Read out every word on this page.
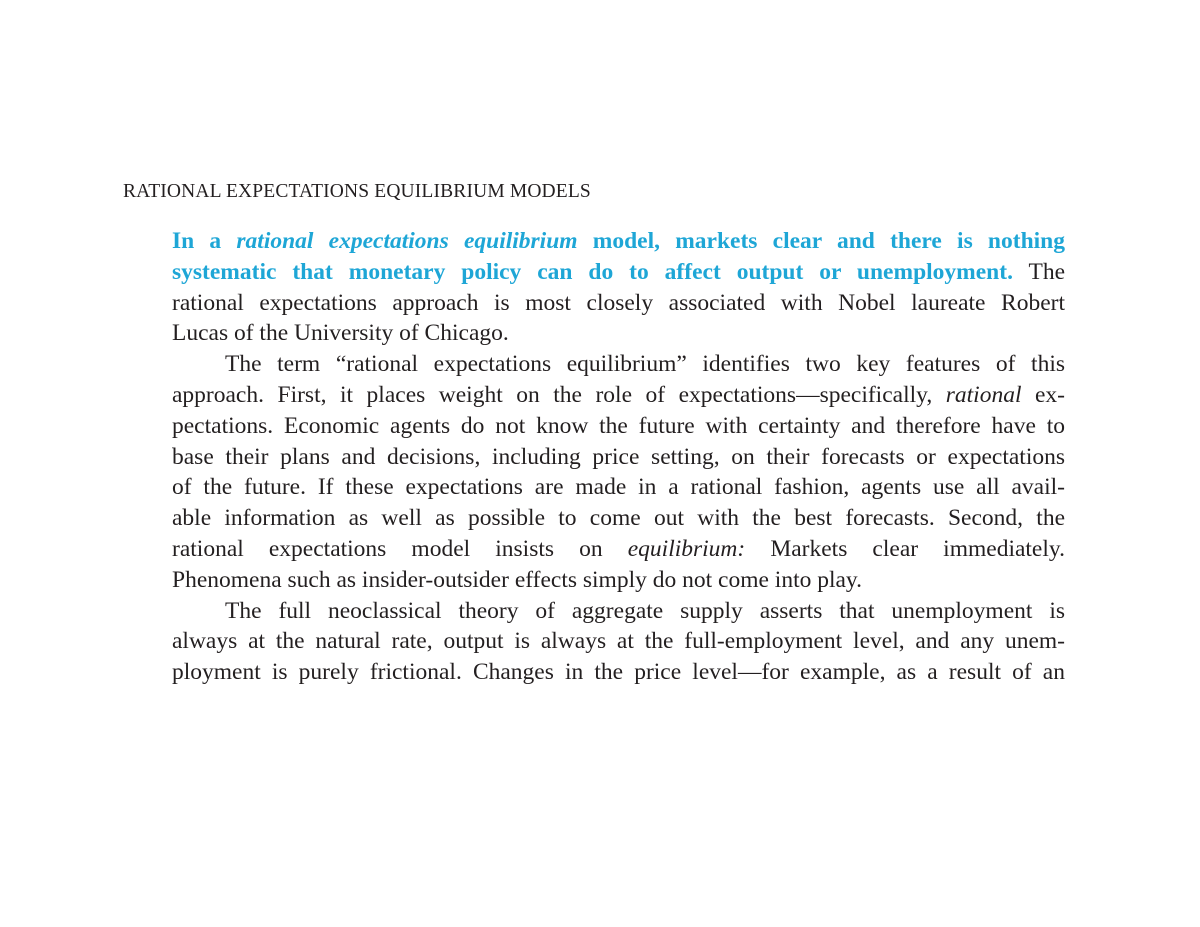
RATIONAL EXPECTATIONS EQUILIBRIUM MODELS
In a rational expectations equilibrium model, markets clear and there is nothing
systematic that monetary policy can do to affect output or unemployment. The
rational expectations approach is most closely associated with Nobel laureate Robert
Lucas of the University of Chicago.
The term “rational expectations equilibrium” identifies two key features of this
approach. First, it places weight on the role of expectations—specifically, rational ex-
pectations. Economic agents do not know the future with certainty and therefore have to
base their plans and decisions, including price setting, on their forecasts or expectations
of the future. If these expectations are made in a rational fashion, agents use all avail-
able information as well as possible to come out with the best forecasts. Second, the
rational expectations model insists on equilibrium: Markets clear immediately.
Phenomena such as insider-outsider effects simply do not come into play.
The full neoclassical theory of aggregate supply asserts that unemployment is
always at the natural rate, output is always at the full-employment level, and any unem-
ployment is purely frictional. Changes in the price level—for example, as a result of an
